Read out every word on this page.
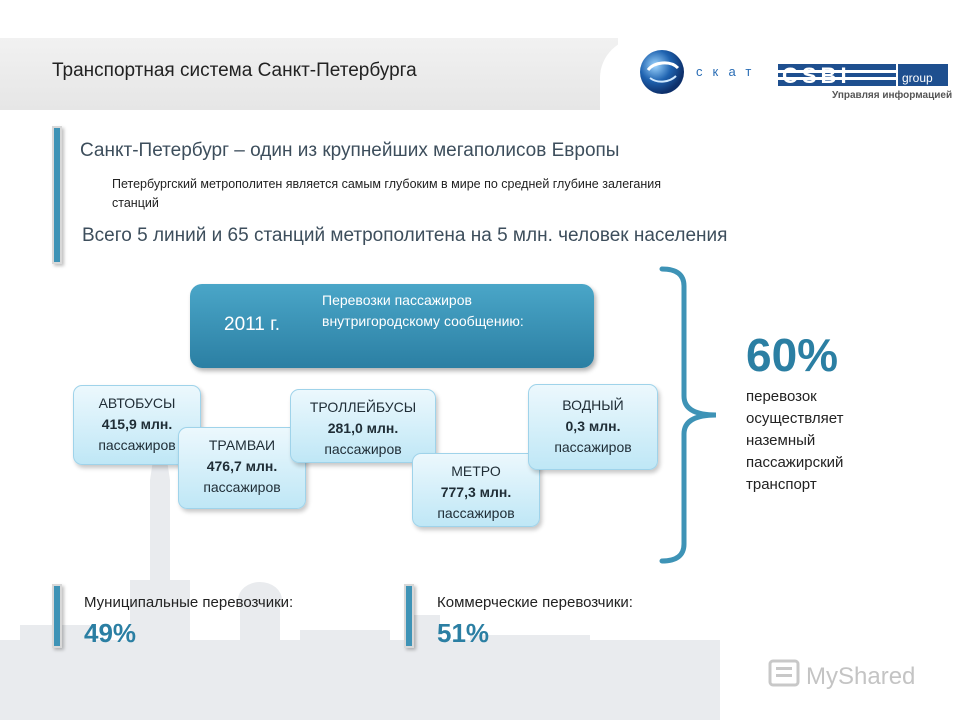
Транспортная система Санкт-Петербурга	скат CSBI	group
Управляя информацией
Санкт-Петербург – один из крупнейших мегаполисов Европы
Петербургский метрополитен является самым глубоким в мире по средней глубине залегания станций
Всего 5 линий и 65 станций метрополитена на 5 млн. человек населения
2011 г.
Перевозки пассажиров внутригородскому сообщению:
АВТОБУСЫ
415,9 млн.
пассажиров	ТРАМВАИ
476,7 млн.
пассажиров
ТРОЛЛЕЙБУСЫ
281,0 млн.
пассажиров
МЕТРО
777,3 млн.
пассажиров
ВОДНЫЙ
0,3 млн.
пассажиров
60%
перевозок осуществляет наземный пассажирский транспорт
Муниципальные перевозчики:
49%
Коммерческие перевозчики:
51%
MyShared
